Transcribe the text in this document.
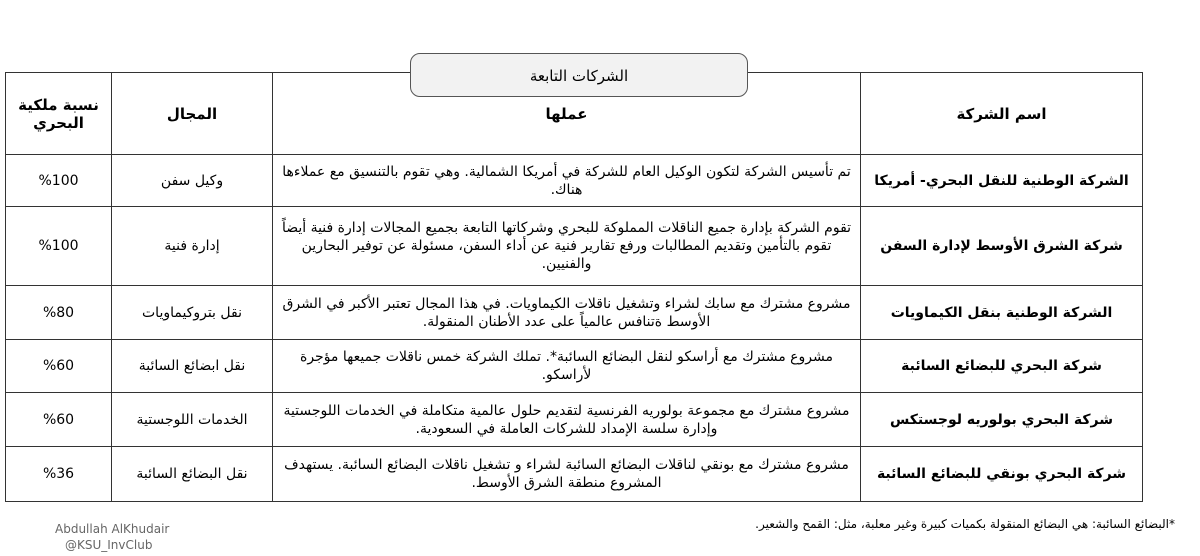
الشركات التابعة
اسم الشركة	عملها	المجال	نسبة ملكية البحري
الشركة الوطنية للنقل البحري- أمريكا	تم تأسيس الشركة لتكون الوكيل العام للشركة في أمريكا الشمالية. وهي تقوم بالتنسيق مع عملاءها هناك.	وكيل سفن	%100
شركة الشرق الأوسط لإدارة السفن	تقوم الشركة بإدارة جميع الناقلات المملوكة للبحري وشركاتها التابعة بجميع المجالات إدارة فنية أيضاً تقوم بالتأمين وتقديم المطالبات ورفع تقارير فنية عن أداء السفن، مسئولة عن توفير البحارين والفنيين.	إدارة فنية	%100
الشركة الوطنية بنقل الكيماويات	مشروع مشترك مع سابك لشراء وتشغيل ناقلات الكيماويات. في هذا المجال تعتبر الأكبر في الشرق الأوسط ةتنافس عالمياً على عدد الأطنان المنقولة.	نقل بتروكيماويات	%80
شركة البحري للبضائع السائبة	مشروع مشترك مع أراسكو لنقل البضائع السائبة*. تملك الشركة خمس ناقلات جميعها مؤجرة لأراسكو.	نقل ابضائع السائبة	%60
شركة البحري بولوريه لوجستكس	مشروع مشترك مع مجموعة بولوريه الفرنسية لتقديم حلول عالمية متكاملة في الخدمات اللوجستية وإدارة سلسة الإمداد للشركات العاملة في السعودية.	الخدمات اللوجستية	%60
شركة البحري بونقي للبضائع السائبة	مشروع مشترك مع بونقي لناقلات البضائع السائبة لشراء و تشغيل ناقلات البضائع السائبة. يستهدف المشروع منطقة الشرق الأوسط.	نقل البضائع السائبة	%36
*البضائع السائبة: هي البضائع المنقولة بكميات كبيرة وغير معلبة، مثل: القمح والشعير.
Abdullah AlKhudair
@KSU_InvClub
